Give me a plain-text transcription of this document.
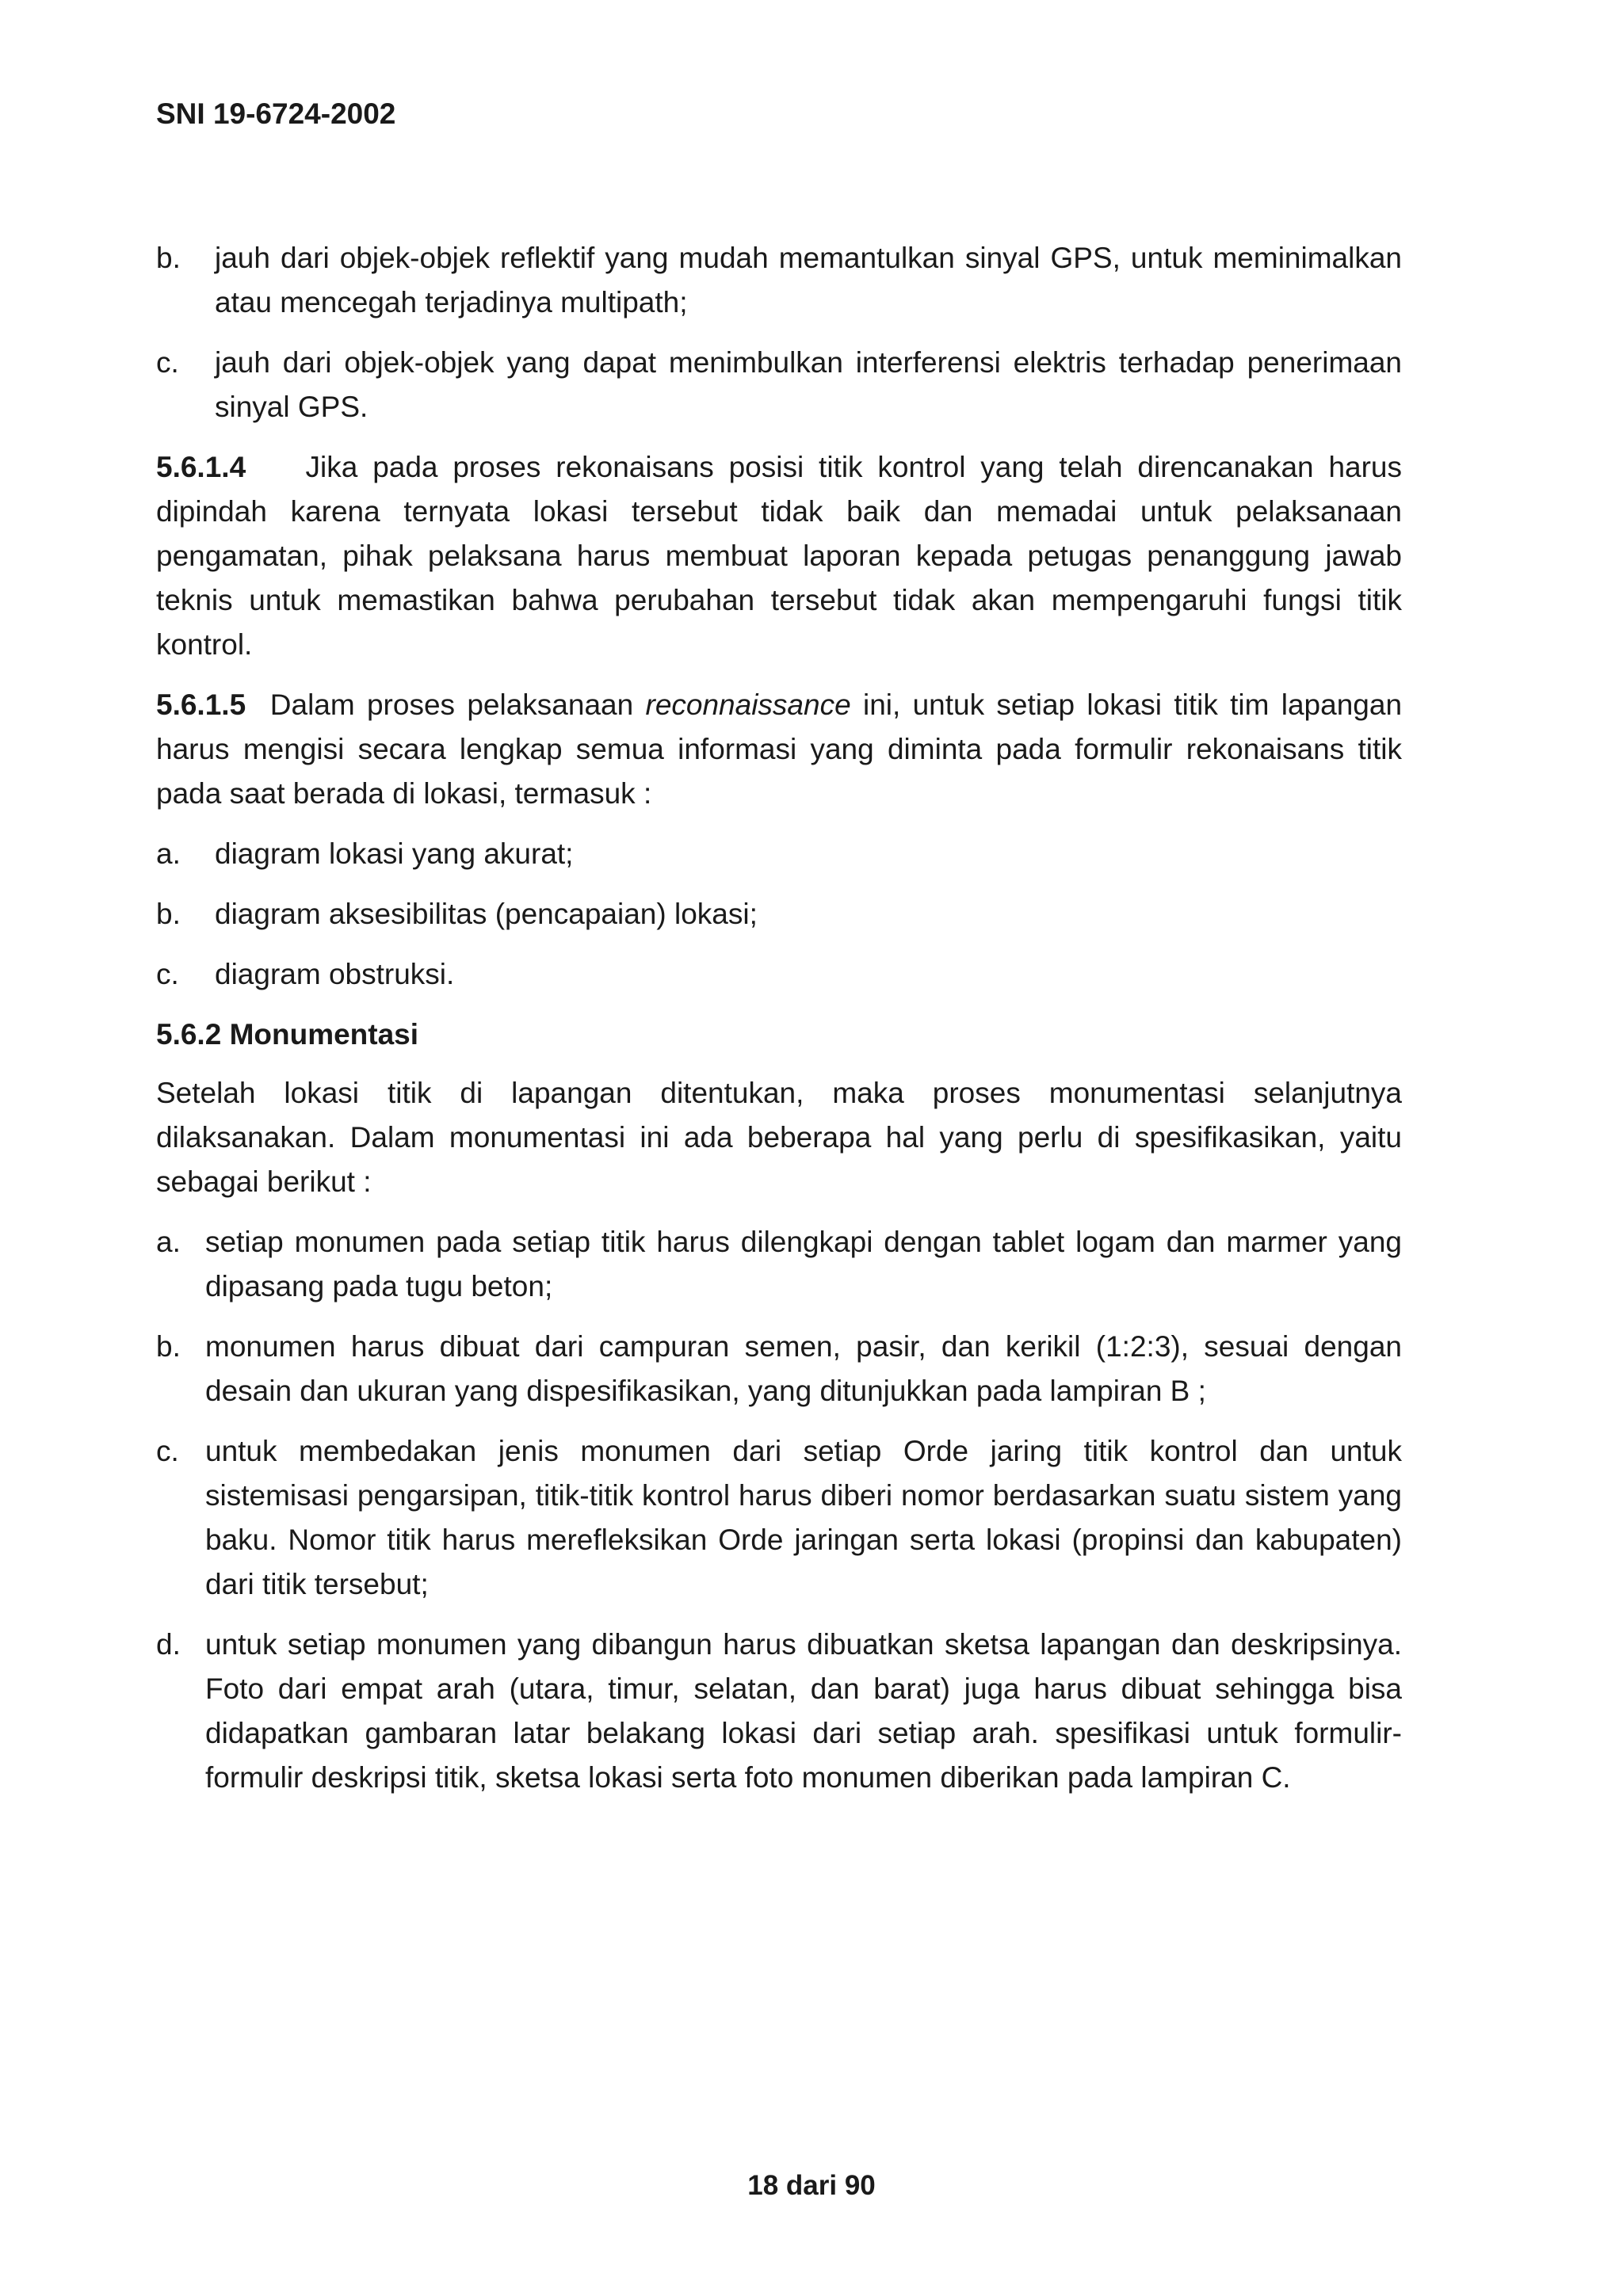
SNI 19-6724-2002
b. jauh dari objek-objek reflektif yang mudah memantulkan sinyal GPS, untuk meminimalkan atau mencegah terjadinya multipath;
c. jauh dari objek-objek yang dapat menimbulkan interferensi elektris terhadap penerimaan sinyal GPS.
5.6.1.4 Jika pada proses rekonaisans posisi titik kontrol yang telah direncanakan harus dipindah karena ternyata lokasi tersebut tidak baik dan memadai untuk pelaksanaan pengamatan, pihak pelaksana harus membuat laporan kepada petugas penanggung jawab teknis untuk memastikan bahwa perubahan tersebut tidak akan mempengaruhi fungsi titik kontrol.
5.6.1.5 Dalam proses pelaksanaan reconnaissance ini, untuk setiap lokasi titik tim lapangan harus mengisi secara lengkap semua informasi yang diminta pada formulir rekonaisans titik pada saat berada di lokasi, termasuk :
a. diagram lokasi yang akurat;
b. diagram aksesibilitas (pencapaian) lokasi;
c. diagram obstruksi.
5.6.2 Monumentasi
Setelah lokasi titik di lapangan ditentukan, maka proses monumentasi selanjutnya dilaksanakan. Dalam monumentasi ini ada beberapa hal yang perlu di spesifikasikan, yaitu sebagai berikut :
a. setiap monumen pada setiap titik harus dilengkapi dengan tablet logam dan marmer yang dipasang pada tugu beton;
b. monumen harus dibuat dari campuran semen, pasir, dan kerikil (1:2:3), sesuai dengan desain dan ukuran yang dispesifikasikan, yang ditunjukkan pada lampiran B ;
c. untuk membedakan jenis monumen dari setiap Orde jaring titik kontrol dan untuk sistemisasi pengarsipan, titik-titik kontrol harus diberi nomor berdasarkan suatu sistem yang baku. Nomor titik harus merefleksikan Orde jaringan serta lokasi (propinsi dan kabupaten) dari titik tersebut;
d. untuk setiap monumen yang dibangun harus dibuatkan sketsa lapangan dan deskripsinya. Foto dari empat arah (utara, timur, selatan, dan barat) juga harus dibuat sehingga bisa didapatkan gambaran latar belakang lokasi dari setiap arah. spesifikasi untuk formulir-formulir deskripsi titik, sketsa lokasi serta foto monumen diberikan pada lampiran C.
18 dari 90
